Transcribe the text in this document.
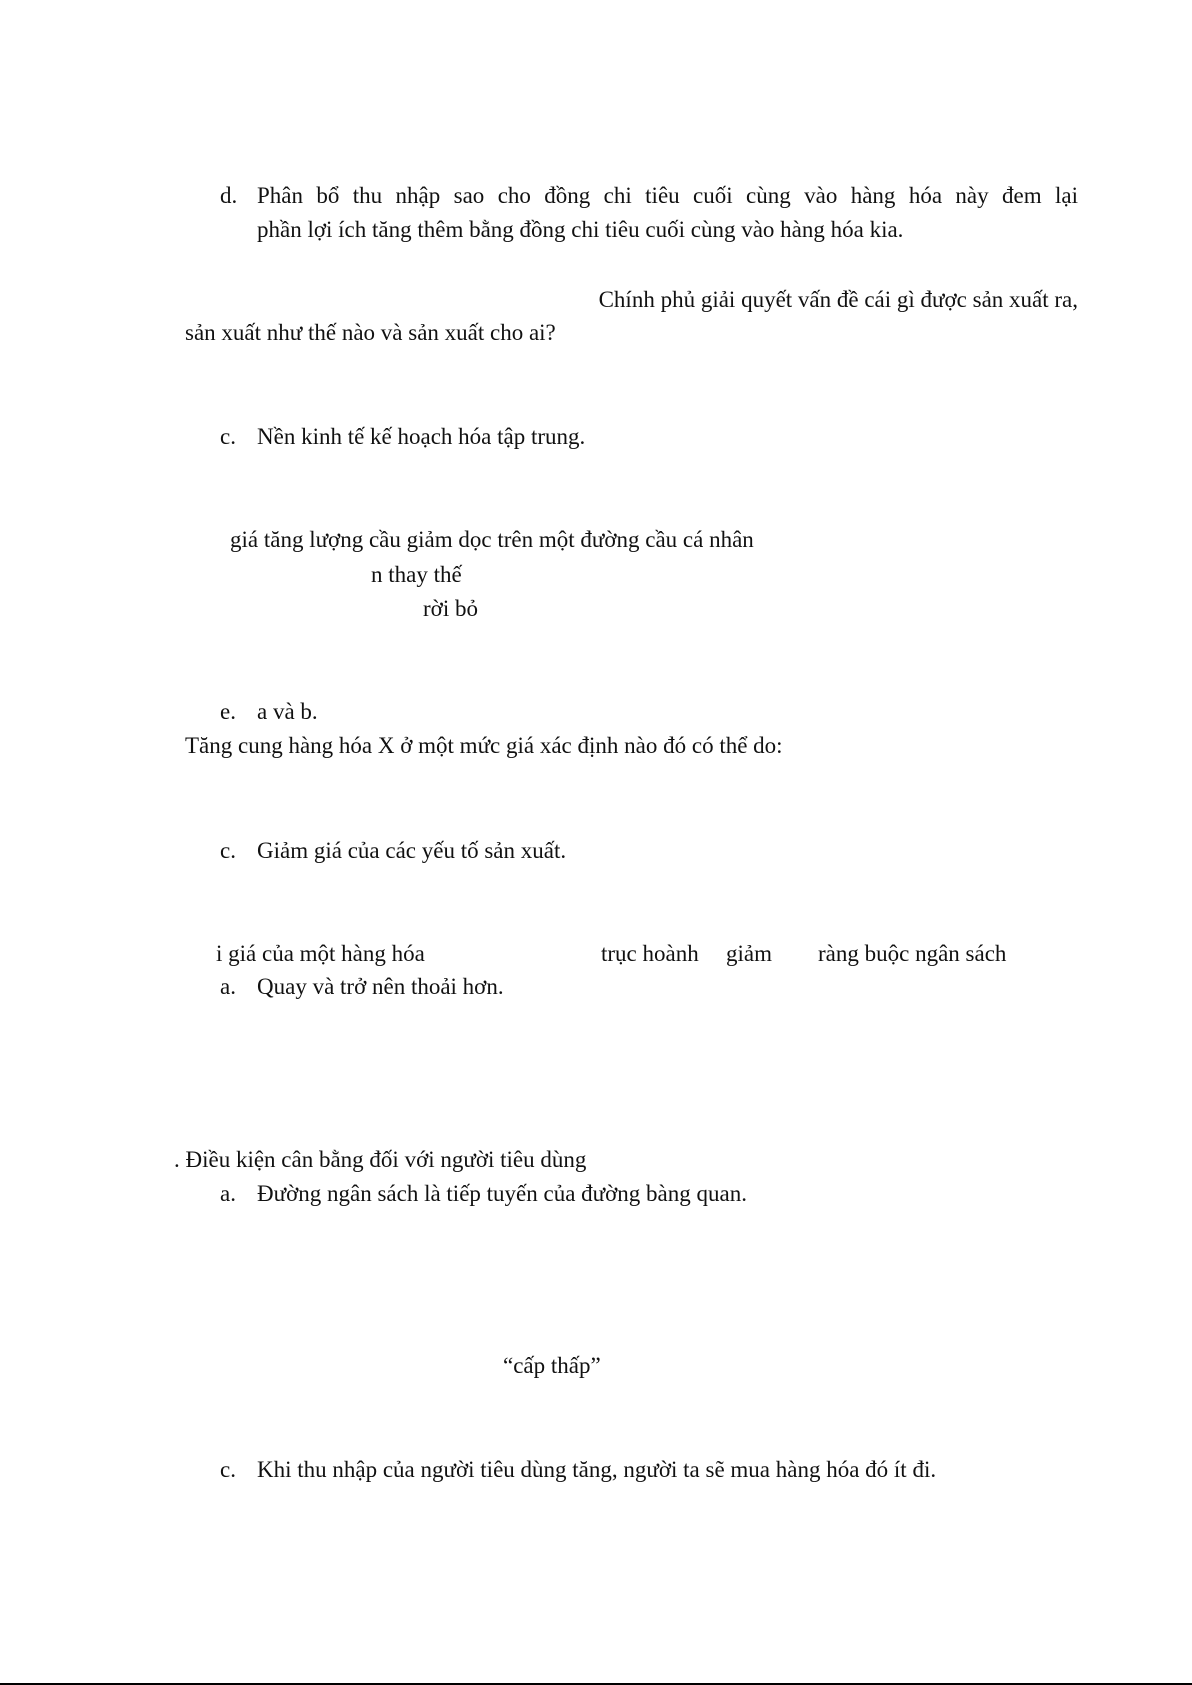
d. Phân bổ thu nhập sao cho đồng chi tiêu cuối cùng vào hàng hóa này đem lại
phần lợi ích tăng thêm bằng đồng chi tiêu cuối cùng vào hàng hóa kia.
Chính phủ giải quyết vấn đề cái gì được sản xuất ra,
sản xuất như thế nào và sản xuất cho ai?
c. Nền kinh tế kế hoạch hóa tập trung.
giá tăng lượng cầu giảm dọc trên một đường cầu cá nhân
n thay thế
rời bỏ
e. a và b.
Tăng cung hàng hóa X ở một mức giá xác định nào đó có thể do:
c. Giảm giá của các yếu tố sản xuất.
i giá của một hàng hóa	trục hoành giảm ràng buộc ngân sách
a. Quay và trở nên thoải hơn.
. Điều kiện cân bằng đối với người tiêu dùng
a. Đường ngân sách là tiếp tuyến của đường bàng quan.
“cấp thấp”
c. Khi thu nhập của người tiêu dùng tăng, người ta sẽ mua hàng hóa đó ít đi.
